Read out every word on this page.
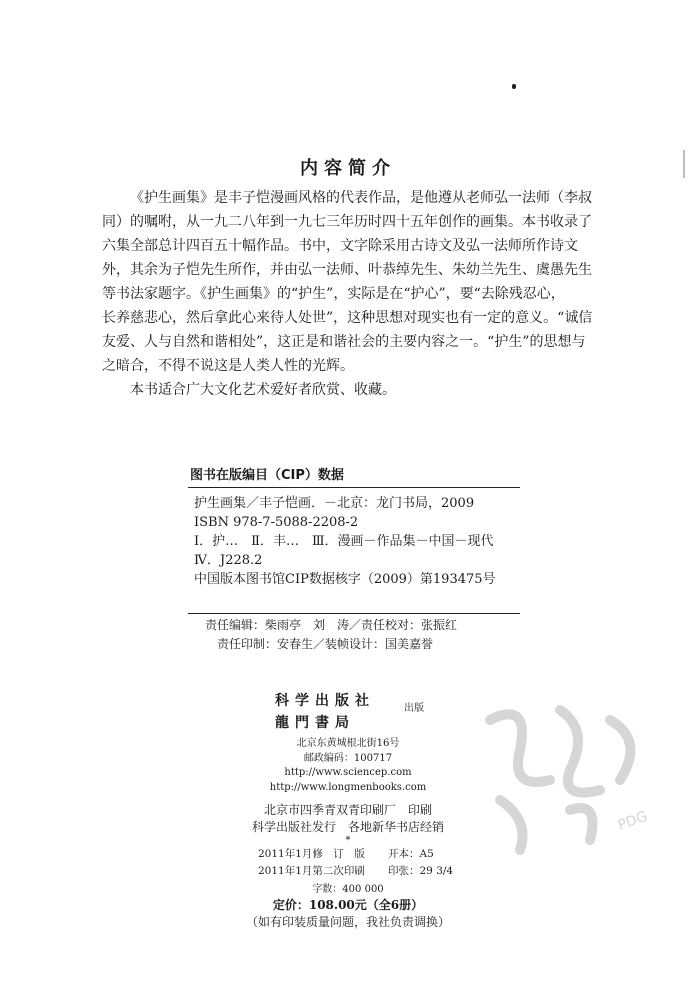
内容简介
《护生画集》是丰子恺漫画风格的代表作品，是他遵从老师弘一法师（李叔
同）的嘱咐，从一九二八年到一九七三年历时四十五年创作的画集。本书收录了
六集全部总计四百五十幅作品。书中，文字除采用古诗文及弘一法师所作诗文
外，其余为子恺先生所作，并由弘一法师、叶恭绰先生、朱幼兰先生、虞愚先生
等书法家题字。《护生画集》的“护生”，实际是在“护心”，要“去除残忍心，
长养慈悲心，然后拿此心来待人处世”，这种思想对现实也有一定的意义。“诚信
友爱、人与自然和谐相处”，这正是和谐社会的主要内容之一。“护生”的思想与
之暗合，不得不说这是人类人性的光辉。
本书适合广大文化艺术爱好者欣赏、收藏。
图书在版编目（CIP）数据
护生画集／丰子恺画．－北京：龙门书局，2009
ISBN 978-7-5088-2208-2
Ⅰ．护…　Ⅱ．丰…　Ⅲ．漫画－作品集－中国－现代
Ⅳ．J228.2
中国版本图书馆CIP数据核字（2009）第193475号
责任编辑：柴雨亭　刘　涛／责任校对：张振红
责任印制：安春生／装帧设计：国美嘉誉
科学出版社
龍門書局
出版
北京东黄城根北街16号
邮政编码：100717
http://www.sciencep.com
http://www.longmenbooks.com
北京市四季青双青印刷厂　印刷
科学出版社发行　各地新华书店经销
*
2011年1月修　订　版 开本：A5
2011年1月第二次印刷 印张：29 3/4
字数：400 000
定价：108.00元（全6册）
（如有印装质量问题，我社负责调换）
PDG
